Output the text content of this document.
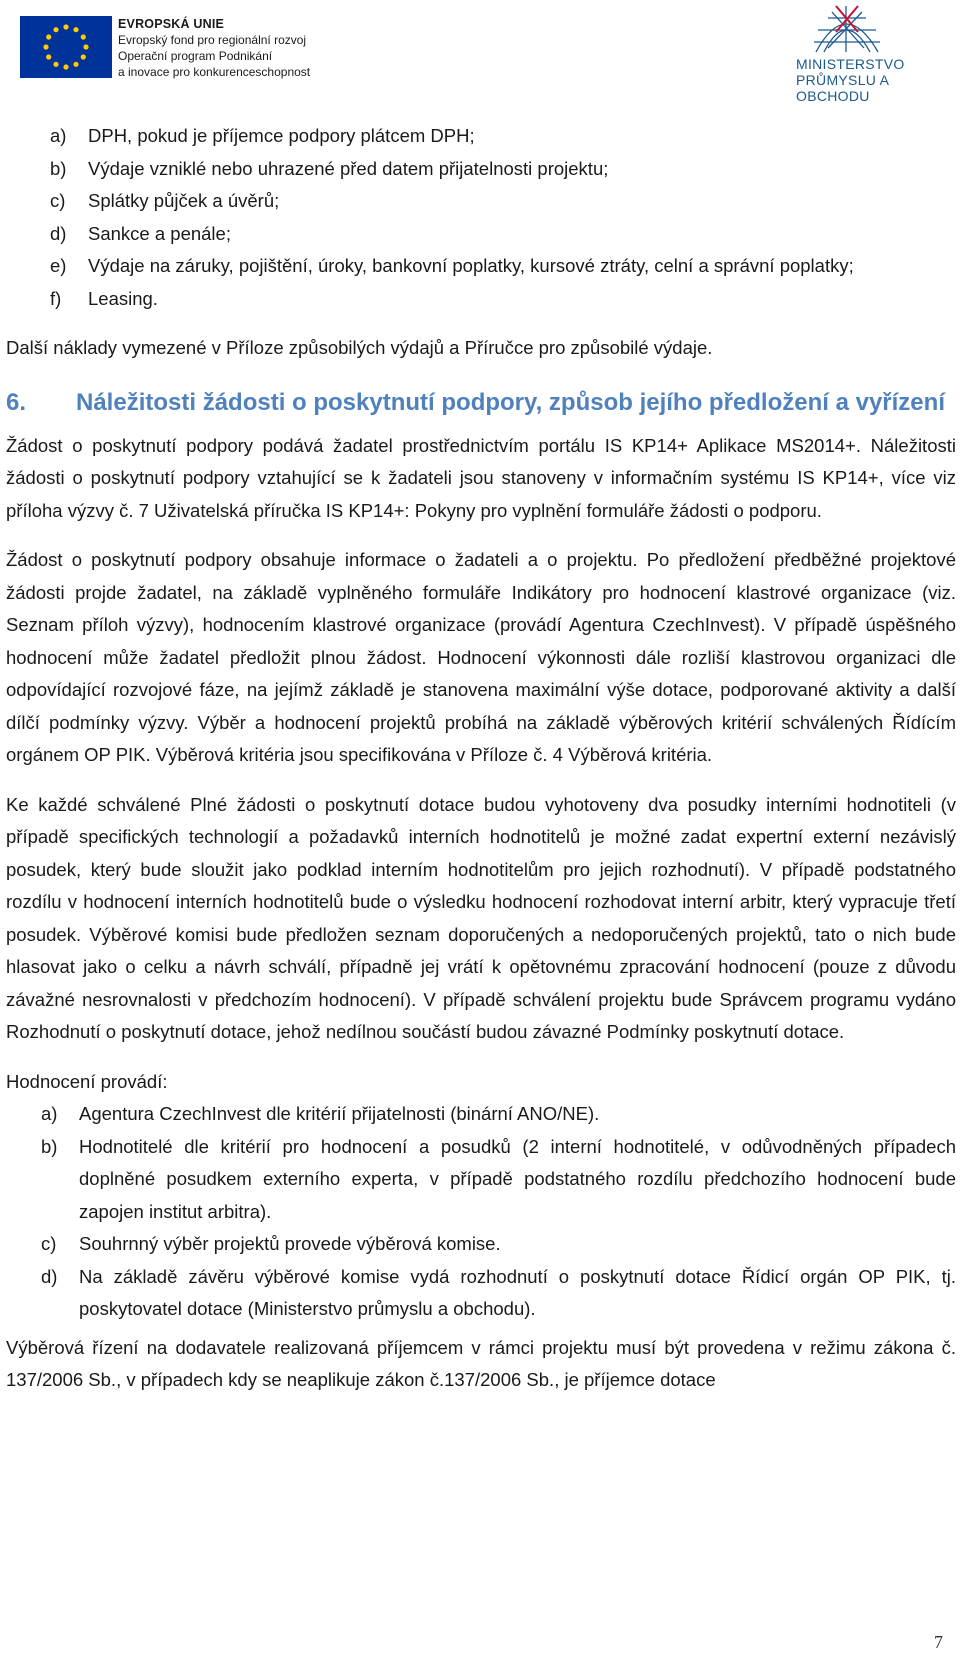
EVROPSKÁ UNIE
Evropský fond pro regionální rozvoj
Operační program Podnikání
a inovace pro konkurenceschopnost	MINISTERSTVO
PRŮMYSLU A OBCHODU
a) DPH, pokud je příjemce podpory plátcem DPH;
b) Výdaje vzniklé nebo uhrazené před datem přijatelnosti projektu;
c) Splátky půjček a úvěrů;
d) Sankce a penále;
e) Výdaje na záruky, pojištění, úroky, bankovní poplatky, kursové ztráty, celní a správní poplatky;
f) Leasing.

Další náklady vymezené v Příloze způsobilých výdajů a Příručce pro způsobilé výdaje.

6. Náležitosti žádosti o poskytnutí podpory, způsob jejího předložení a vyřízení

Žádost o poskytnutí podpory podává žadatel prostřednictvím portálu IS KP14+ Aplikace MS2014+. Náležitosti žádosti o poskytnutí podpory vztahující se k žadateli jsou stanoveny v informačním systému IS KP14+, více viz příloha výzvy č. 7 Uživatelská příručka IS KP14+: Pokyny pro vyplnění formuláře žádosti o podporu.

Žádost o poskytnutí podpory obsahuje informace o žadateli a o projektu. Po předložení předběžné projektové žádosti projde žadatel, na základě vyplněného formuláře Indikátory pro hodnocení klastrové organizace (viz. Seznam příloh výzvy), hodnocením klastrové organizace (provádí Agentura CzechInvest). V případě úspěšného hodnocení může žadatel předložit plnou žádost. Hodnocení výkonnosti dále rozliší klastrovou organizaci dle odpovídající rozvojové fáze, na jejímž základě je stanovena maximální výše dotace, podporované aktivity a další dílčí podmínky výzvy. Výběr a hodnocení projektů probíhá na základě výběrových kritérií schválených Řídícím orgánem OP PIK. Výběrová kritéria jsou specifikována v Příloze č. 4 Výběrová kritéria.

Ke každé schválené Plné žádosti o poskytnutí dotace budou vyhotoveny dva posudky interními hodnotiteli (v případě specifických technologií a požadavků interních hodnotitelů je možné zadat expertní externí nezávislý posudek, který bude sloužit jako podklad interním hodnotitelům pro jejich rozhodnutí). V případě podstatného rozdílu v hodnocení interních hodnotitelů bude o výsledku hodnocení rozhodovat interní arbitr, který vypracuje třetí posudek. Výběrové komisi bude předložen seznam doporučených a nedoporučených projektů, tato o nich bude hlasovat jako o celku a návrh schválí, případně jej vrátí k opětovnému zpracování hodnocení (pouze z důvodu závažné nesrovnalosti v předchozím hodnocení). V případě schválení projektu bude Správcem programu vydáno Rozhodnutí o poskytnutí dotace, jehož nedílnou součástí budou závazné Podmínky poskytnutí dotace.

Hodnocení provádí:

a) Agentura CzechInvest dle kritérií přijatelnosti (binární ANO/NE).
b) Hodnotitelé dle kritérií pro hodnocení a posudků (2 interní hodnotitelé, v odůvodněných případech doplněné posudkem externího experta, v případě podstatného rozdílu předchozího hodnocení bude zapojen institut arbitra).
c) Souhrnný výběr projektů provede výběrová komise.
d) Na základě závěru výběrové komise vydá rozhodnutí o poskytnutí dotace Řídicí orgán OP PIK, tj. poskytovatel dotace (Ministerstvo průmyslu a obchodu).

Výběrová řízení na dodavatele realizovaná příjemcem v rámci projektu musí být provedena v režimu zákona č. 137/2006 Sb., v případech kdy se neaplikuje zákon č.137/2006 Sb., je příjemce dotace

7
